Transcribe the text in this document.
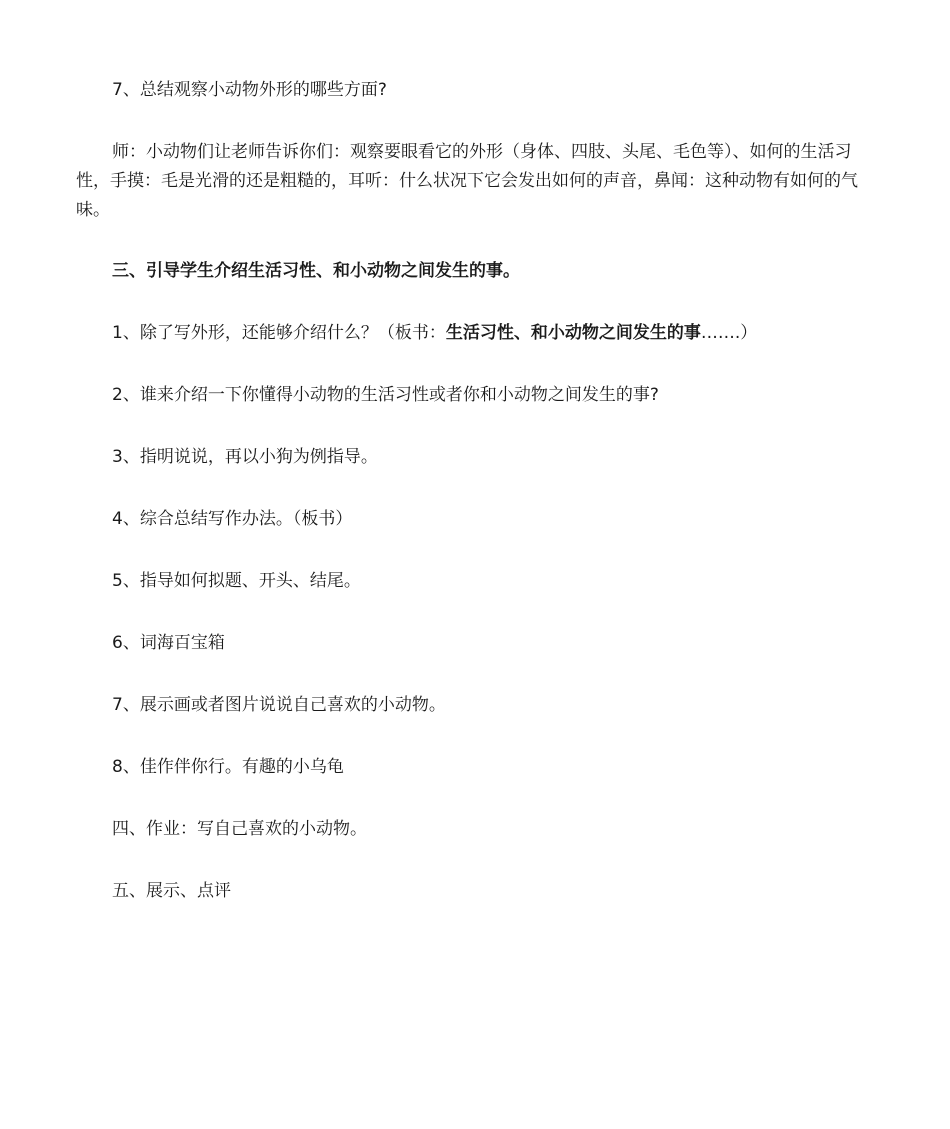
7、总结观察小动物外形的哪些方面?

师：小动物们让老师告诉你们：观察要眼看它的外形（身体、四肢、头尾、毛色等）、如何的生活习性，手摸：毛是光滑的还是粗糙的，耳听：什么状况下它会发出如何的声音，鼻闻：这种动物有如何的气味。

三、引导学生介绍生活习性、和小动物之间发生的事。

1、除了写外形，还能够介绍什么？（板书：生活习性、和小动物之间发生的事…….）

2、谁来介绍一下你懂得小动物的生活习性或者你和小动物之间发生的事?

3、指明说说，再以小狗为例指导。

4、综合总结写作办法。（板书）

5、指导如何拟题、开头、结尾。

6、词海百宝箱

7、展示画或者图片说说自己喜欢的小动物。

8、佳作伴你行。有趣的小乌龟

四、作业：写自己喜欢的小动物。

五、展示、点评
